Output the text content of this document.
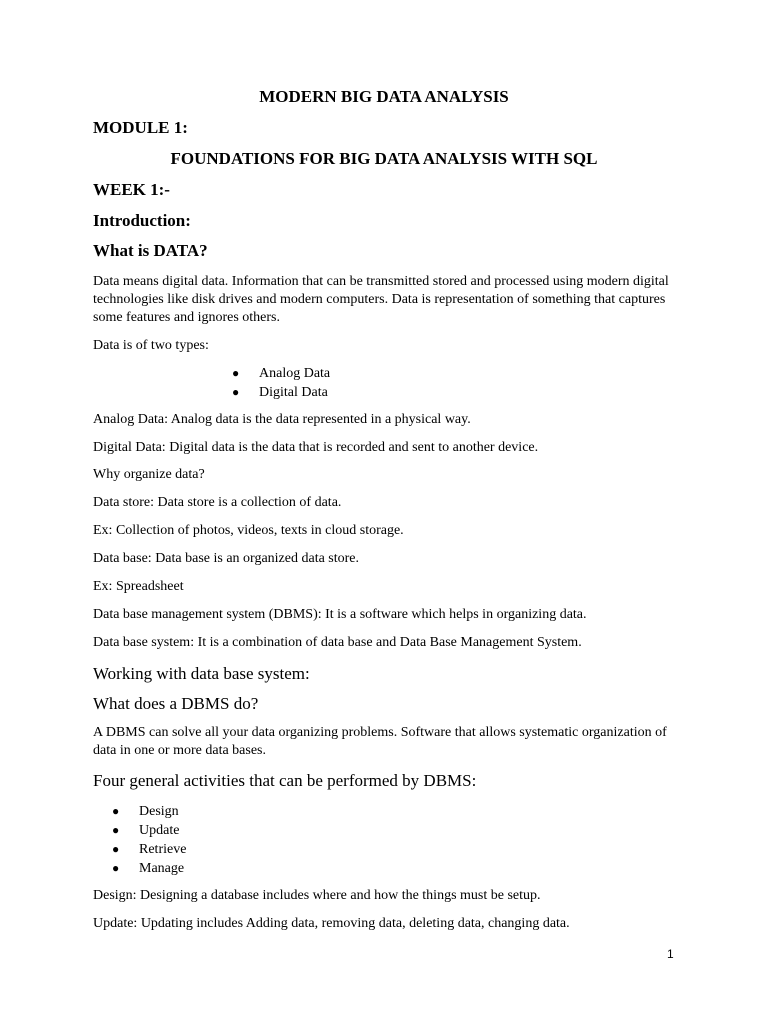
MODERN BIG DATA ANALYSIS

MODULE 1:

FOUNDATIONS FOR BIG DATA ANALYSIS WITH SQL

WEEK 1:-

Introduction:

What is DATA?

Data means digital data. Information that can be transmitted stored and processed using modern digital technologies like disk drives and modern computers. Data is representation of something that captures some features and ignores others.

Data is of two types:

● Analog Data
● Digital Data

Analog Data: Analog data is the data represented in a physical way.

Digital Data: Digital data is the data that is recorded and sent to another device.

Why organize data?

Data store: Data store is a collection of data.

Ex: Collection of photos, videos, texts in cloud storage.

Data base: Data base is an organized data store.

Ex: Spreadsheet

Data base management system (DBMS): It is a software which helps in organizing data.

Data base system: It is a combination of data base and Data Base Management System.

Working with data base system:

What does a DBMS do?

A DBMS can solve all your data organizing problems. Software that allows systematic organization of data in one or more data bases.

Four general activities that can be performed by DBMS:

● Design
● Update
● Retrieve
● Manage

Design: Designing a database includes where and how the things must be setup.

Update: Updating includes Adding data, removing data, deleting data, changing data.

1
